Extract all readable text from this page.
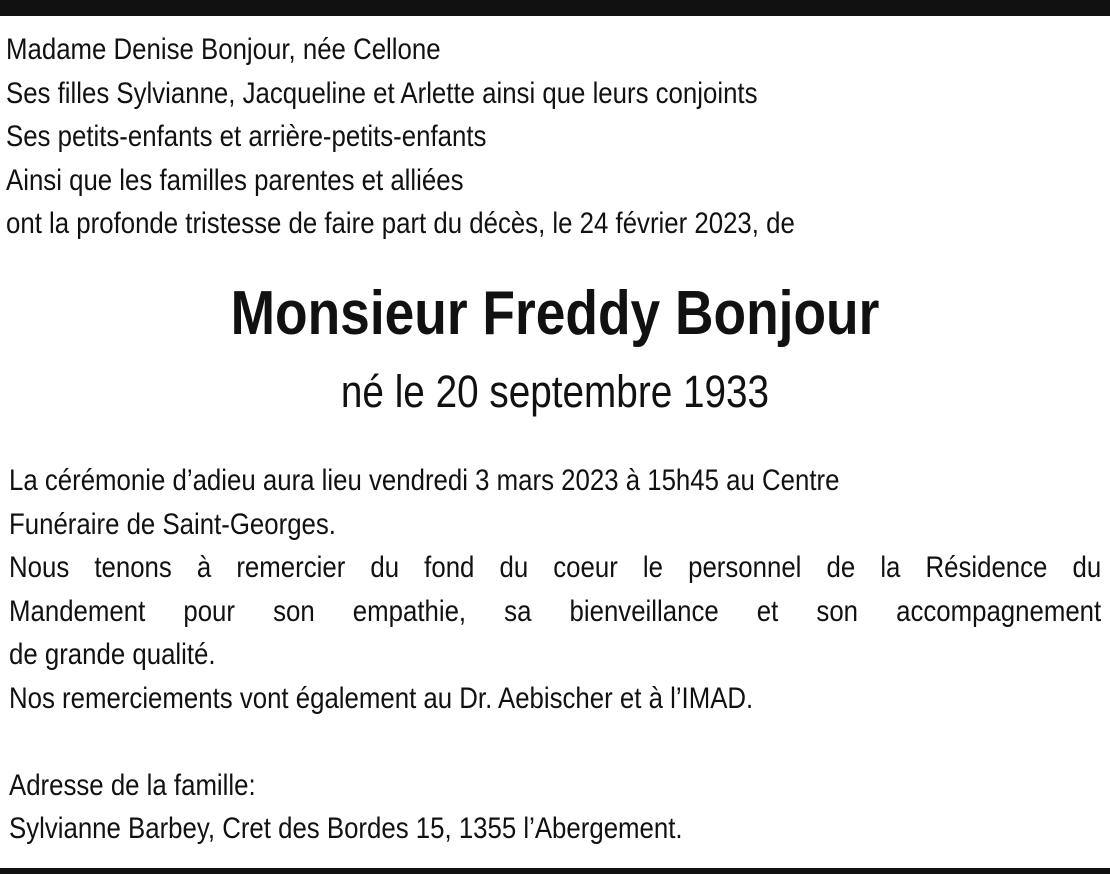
Madame Denise Bonjour, née Cellone
Ses filles Sylvianne, Jacqueline et Arlette ainsi que leurs conjoints
Ses petits-enfants et arrière-petits-enfants
Ainsi que les familles parentes et alliées
ont la profonde tristesse de faire part du décès, le 24 février 2023, de
Monsieur Freddy Bonjour
né le 20 septembre 1933
La cérémonie d’adieu aura lieu vendredi 3 mars 2023 à 15h45 au Centre
Funéraire de Saint-Georges.
Nous tenons à remercier du fond du coeur le personnel de la Résidence du
Mandement pour son empathie, sa bienveillance et son accompagnement
de grande qualité.
Nos remerciements vont également au Dr. Aebischer et à l’IMAD.
Adresse de la famille:
Sylvianne Barbey, Cret des Bordes 15, 1355 l’Abergement.
